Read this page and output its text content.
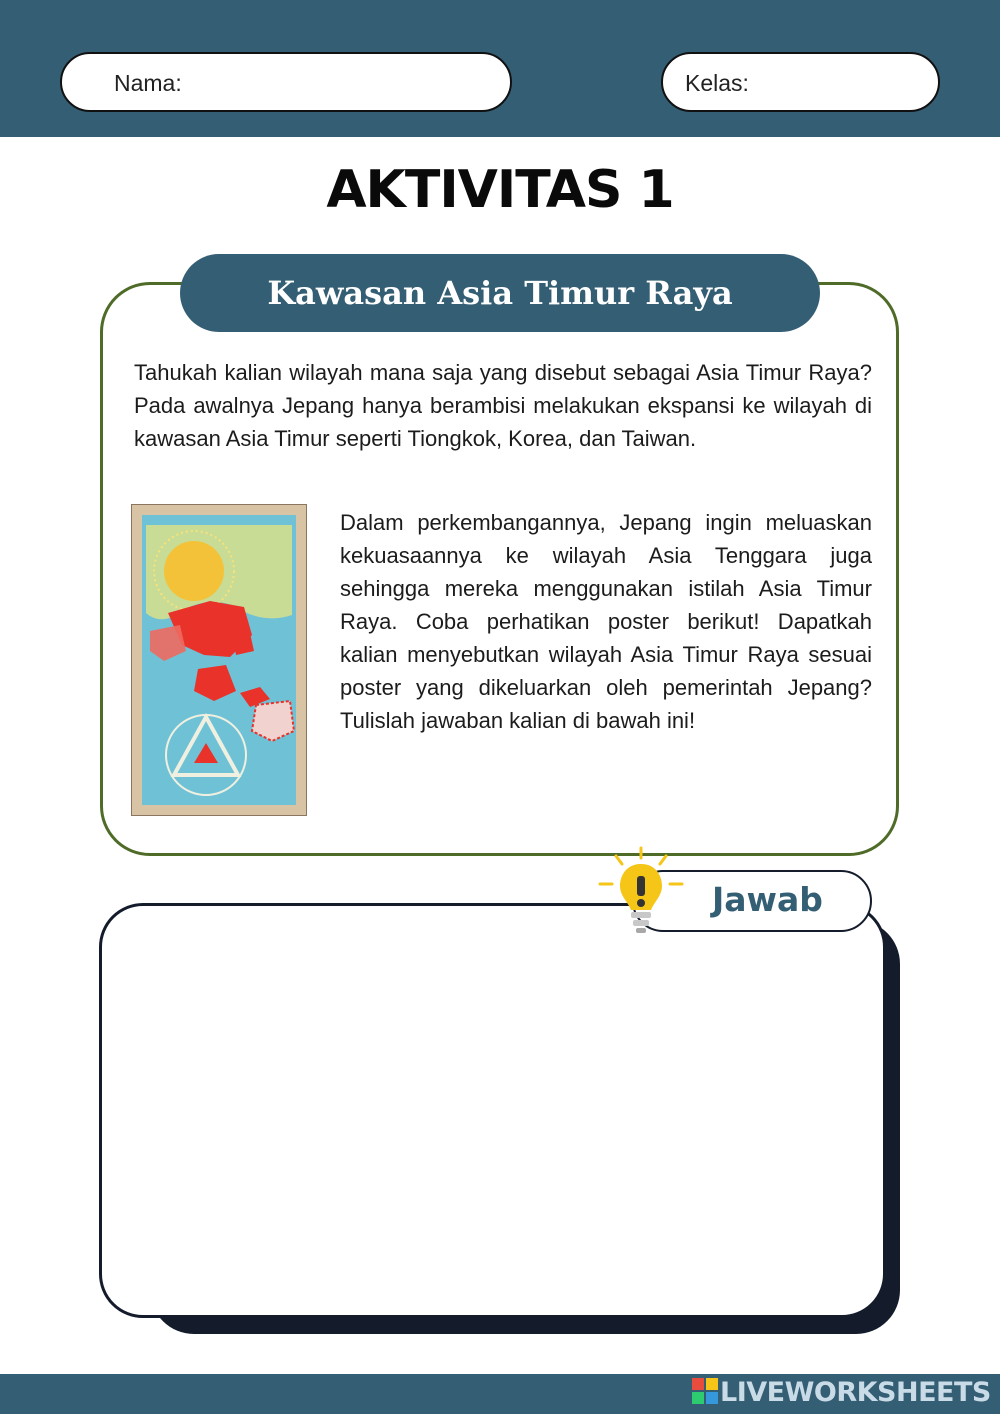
Nama:	Kelas:
AKTIVITAS 1
Kawasan Asia Timur Raya

Tahukah kalian wilayah mana saja yang disebut sebagai Asia Timur Raya? Pada awalnya Jepang hanya berambisi melakukan ekspansi ke wilayah di kawasan Asia Timur seperti Tiongkok, Korea, dan Taiwan.

Dalam perkembangannya, Jepang ingin meluaskan kekuasaannya ke wilayah Asia Tenggara juga sehingga mereka menggunakan istilah Asia Timur Raya. Coba perhatikan poster berikut! Dapatkah kalian menyebutkan wilayah Asia Timur Raya sesuai poster yang dikeluarkan oleh pemerintah Jepang? Tulislah jawaban kalian di bawah ini!

Jawab
LIVEWORKSHEETS
